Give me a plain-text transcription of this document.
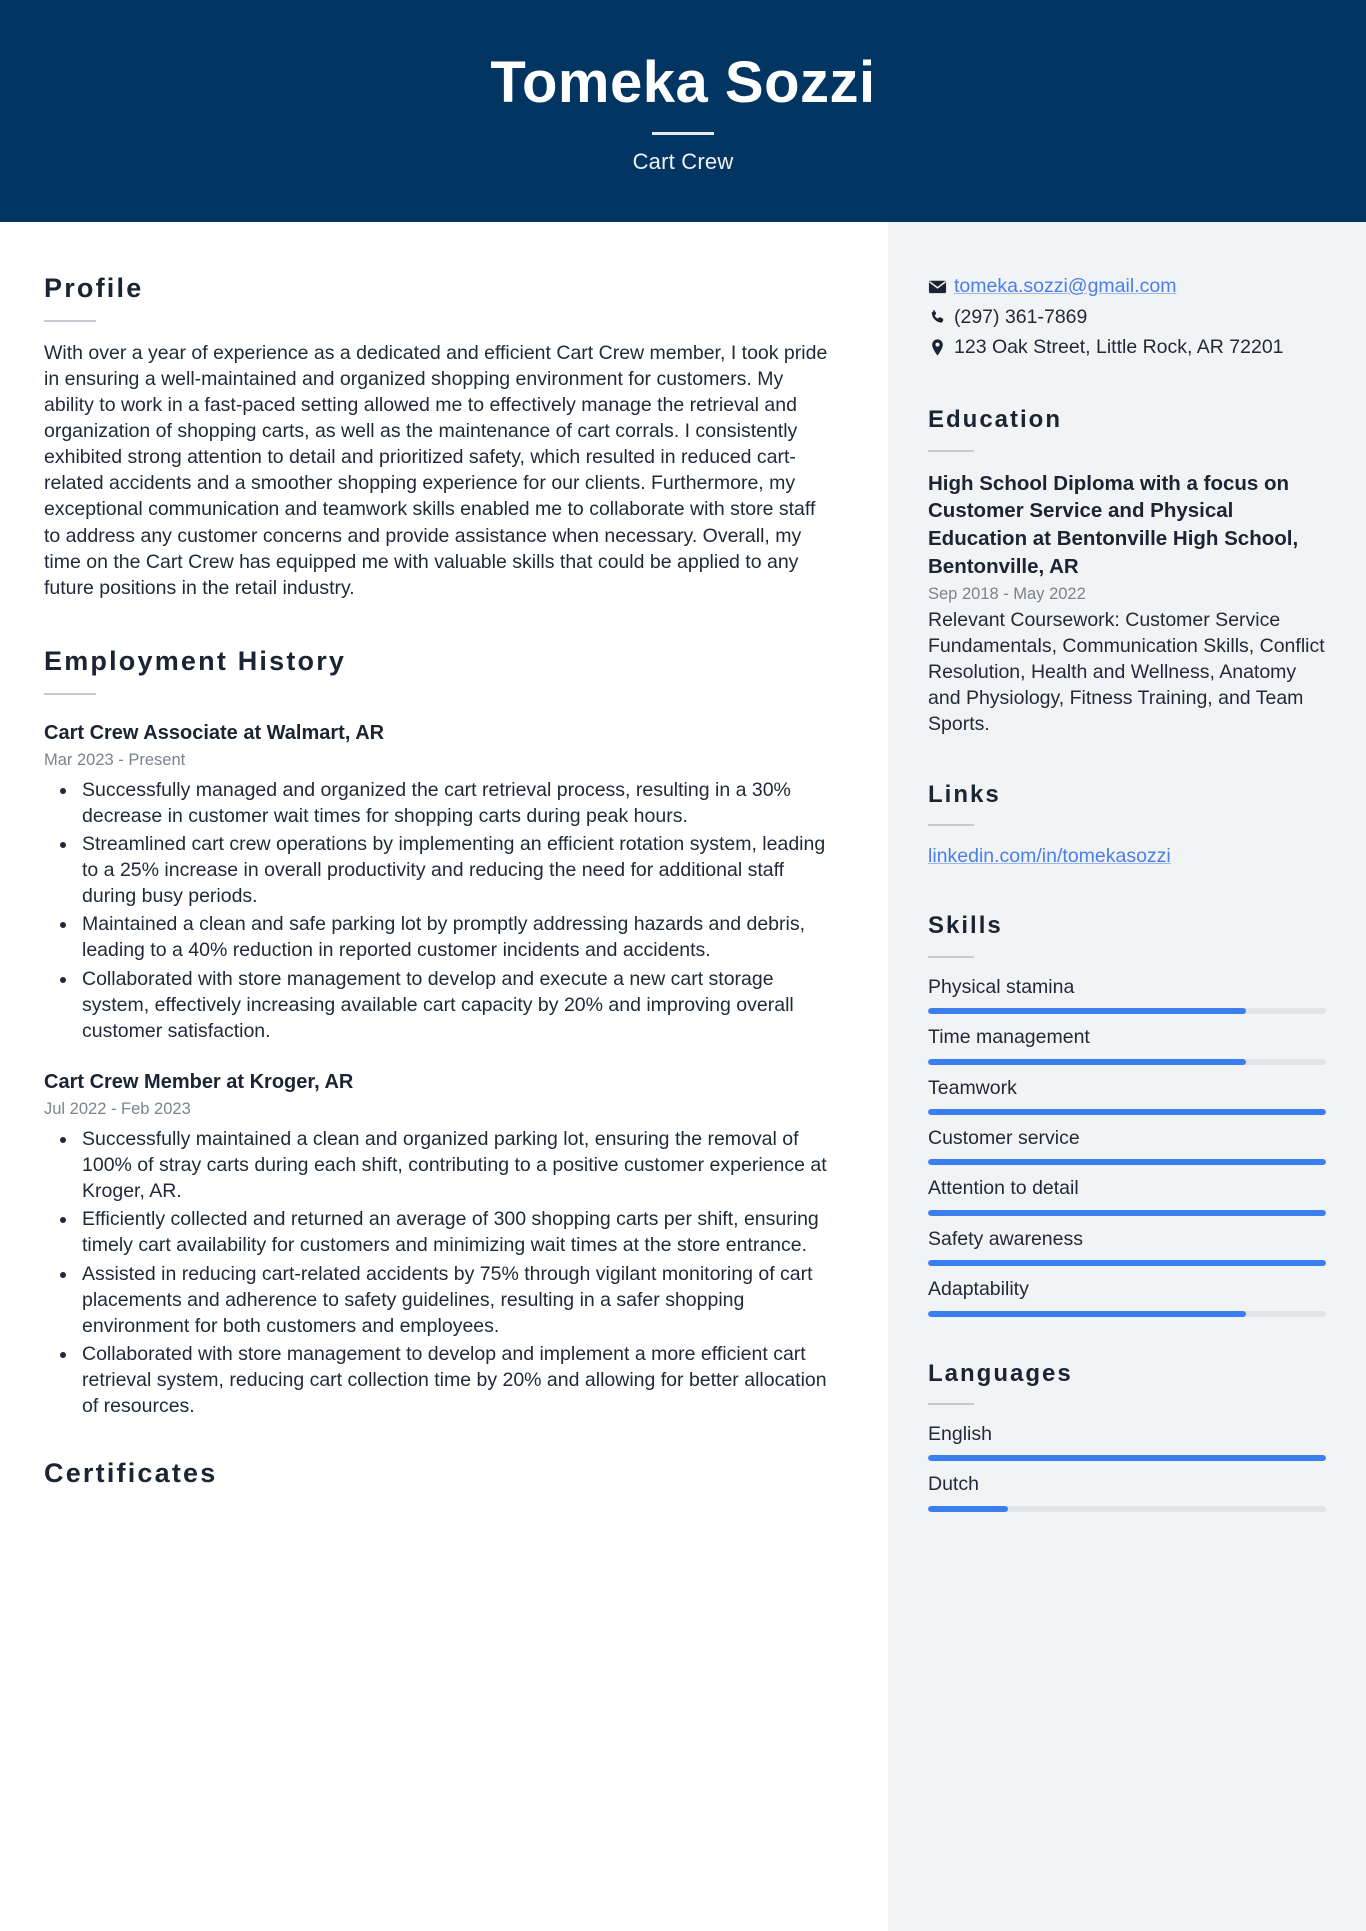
Tomeka Sozzi
Cart Crew
Profile

With over a year of experience as a dedicated and efficient Cart Crew member, I took pride in ensuring a well-maintained and organized shopping environment for customers. My ability to work in a fast-paced setting allowed me to effectively manage the retrieval and organization of shopping carts, as well as the maintenance of cart corrals. I consistently exhibited strong attention to detail and prioritized safety, which resulted in reduced cart-related accidents and a smoother shopping experience for our clients. Furthermore, my exceptional communication and teamwork skills enabled me to collaborate with store staff to address any customer concerns and provide assistance when necessary. Overall, my time on the Cart Crew has equipped me with valuable skills that could be applied to any future positions in the retail industry.

Employment History
Cart Crew Associate at Walmart, AR
Mar 2023 - Present
• Successfully managed and organized the cart retrieval process, resulting in a 30% decrease in customer wait times for shopping carts during peak hours.
• Streamlined cart crew operations by implementing an efficient rotation system, leading to a 25% increase in overall productivity and reducing the need for additional staff during busy periods.
• Maintained a clean and safe parking lot by promptly addressing hazards and debris, leading to a 40% reduction in reported customer incidents and accidents.
• Collaborated with store management to develop and execute a new cart storage system, effectively increasing available cart capacity by 20% and improving overall customer satisfaction.
Cart Crew Member at Kroger, AR
Jul 2022 - Feb 2023
• Successfully maintained a clean and organized parking lot, ensuring the removal of 100% of stray carts during each shift, contributing to a positive customer experience at Kroger, AR.
• Efficiently collected and returned an average of 300 shopping carts per shift, ensuring timely cart availability for customers and minimizing wait times at the store entrance.
• Assisted in reducing cart-related accidents by 75% through vigilant monitoring of cart placements and adherence to safety guidelines, resulting in a safer shopping environment for both customers and employees.
• Collaborated with store management to develop and implement a more efficient cart retrieval system, reducing cart collection time by 20% and allowing for better allocation of resources.
Certificates
tomeka.sozzi@gmail.com
(297) 361-7869
123 Oak Street, Little Rock, AR 72201
Education
High School Diploma with a focus on Customer Service and Physical Education at Bentonville High School, Bentonville, AR
Sep 2018 - May 2022
Relevant Coursework: Customer Service Fundamentals, Communication Skills, Conflict Resolution, Health and Wellness, Anatomy and Physiology, Fitness Training, and Team Sports.
Links
linkedin.com/in/tomekasozzi
Skills
Physical stamina
Time management
Teamwork
Customer service
Attention to detail
Safety awareness
Adaptability
Languages
English
Dutch
